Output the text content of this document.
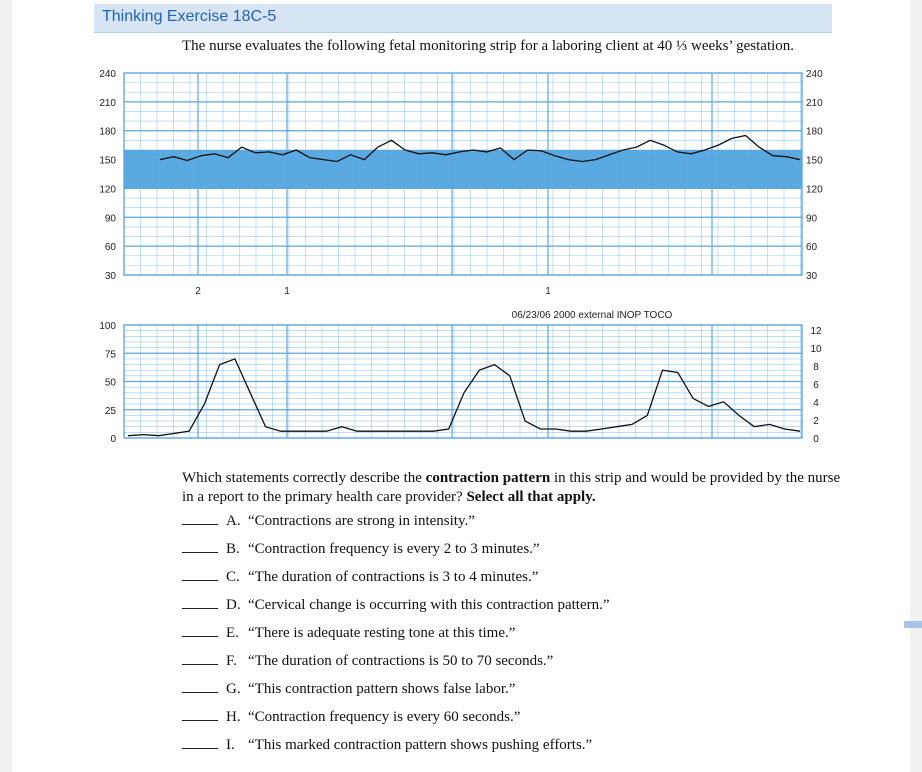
Thinking Exercise 18C-5
The nurse evaluates the following fetal monitoring strip for a laboring client at 40 ⅓ weeks’ gestation.
240	240
210	210
180	180
150	150
120	120
90	90
60	60
30	30
2	1	1
06/23/06 2000 external INOP TOCO
100
75
50
25
0
12
10
8
6
4
2
0
Which statements correctly describe the contraction pattern in this strip and would be provided by the nurse in a report to the primary health care provider? Select all that apply.
A. “Contractions are strong in intensity.”
B. “Contraction frequency is every 2 to 3 minutes.”
C. “The duration of contractions is 3 to 4 minutes.”
D. “Cervical change is occurring with this contraction pattern.”
E. “There is adequate resting tone at this time.”
F. “The duration of contractions is 50 to 70 seconds.”
G. “This contraction pattern shows false labor.”
H. “Contraction frequency is every 60 seconds.”
I. “This marked contraction pattern shows pushing efforts.”
